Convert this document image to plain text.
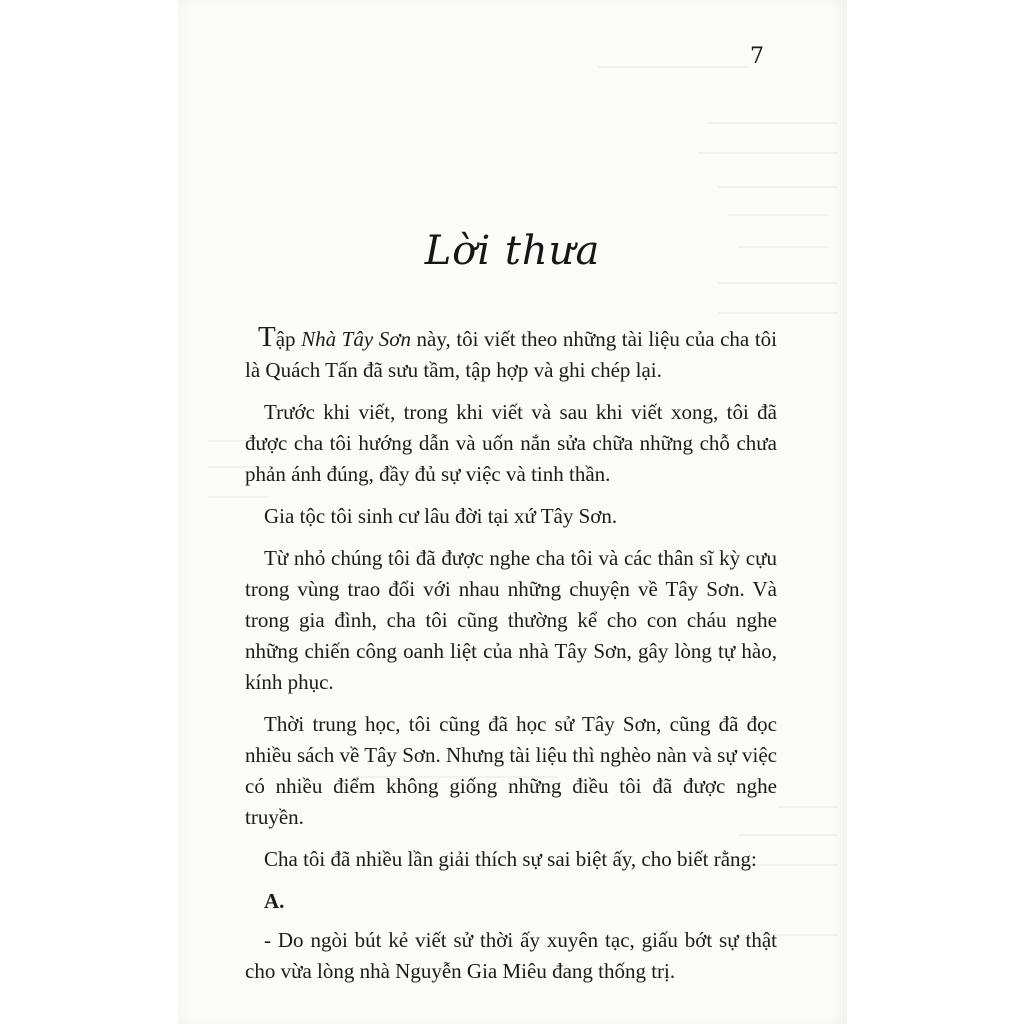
7
Lời thưa

Tập Nhà Tây Sơn này, tôi viết theo những tài liệu của cha tôi là Quách Tấn đã sưu tầm, tập hợp và ghi chép lại.

Trước khi viết, trong khi viết và sau khi viết xong, tôi đã được cha tôi hướng dẫn và uốn nắn sửa chữa những chỗ chưa phản ánh đúng, đầy đủ sự việc và tinh thần.

Gia tộc tôi sinh cư lâu đời tại xứ Tây Sơn.

Từ nhỏ chúng tôi đã được nghe cha tôi và các thân sĩ kỳ cựu trong vùng trao đổi với nhau những chuyện về Tây Sơn. Và trong gia đình, cha tôi cũng thường kể cho con cháu nghe những chiến công oanh liệt của nhà Tây Sơn, gây lòng tự hào, kính phục.

Thời trung học, tôi cũng đã học sử Tây Sơn, cũng đã đọc nhiều sách về Tây Sơn. Nhưng tài liệu thì nghèo nàn và sự việc có nhiều điểm không giống những điều tôi đã được nghe truyền.

Cha tôi đã nhiều lần giải thích sự sai biệt ấy, cho biết rằng:

A.

- Do ngòi bút kẻ viết sử thời ấy xuyên tạc, giấu bớt sự thật cho vừa lòng nhà Nguyễn Gia Miêu đang thống trị.
